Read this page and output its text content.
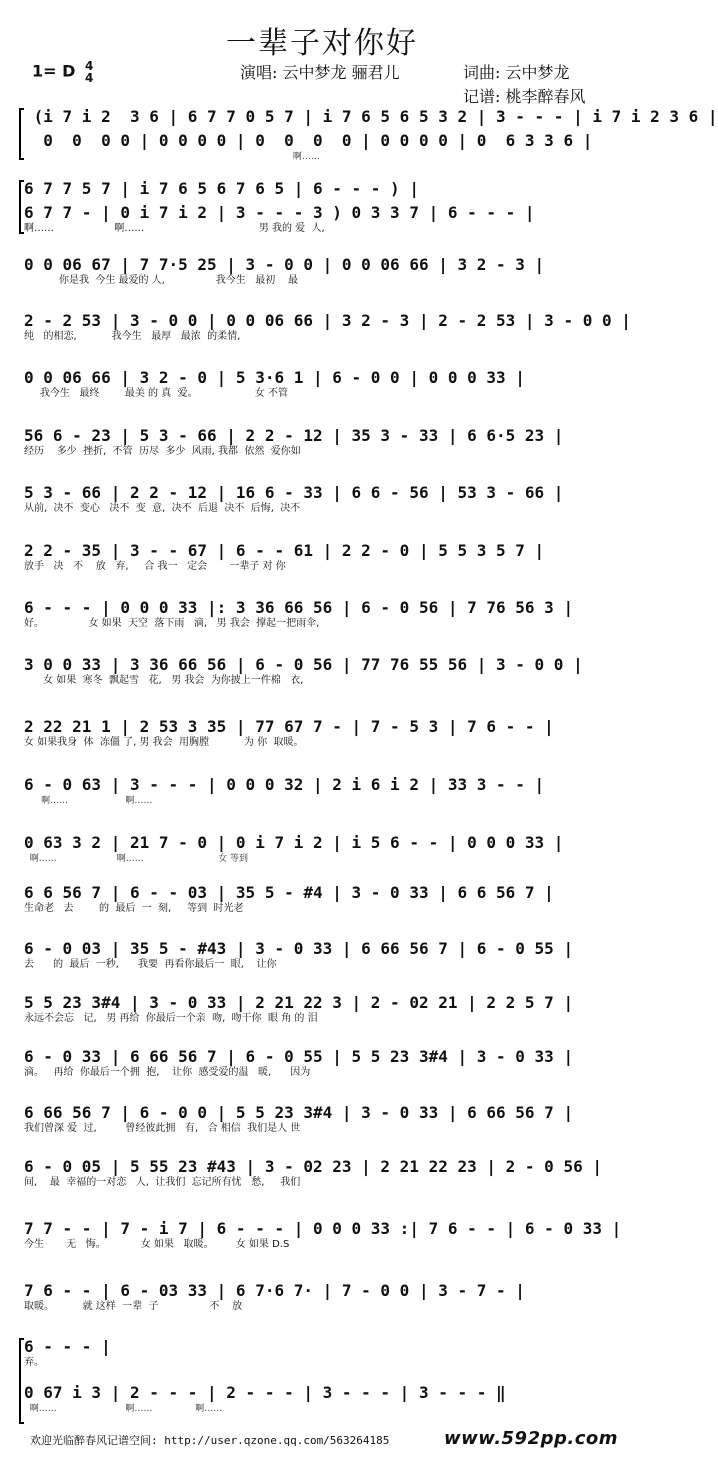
一辈子对你好
1= D 4
4	演唱: 云中梦龙 骊君儿	词曲: 云中梦龙
记谱: 桃李醉春风
(i 7 i 2  3 6 | 6 7 7 0 5 7 | i 7 6 5 6 5 3 2 | 3 - - - | i 7 i 2 3 6 |
0  0  0 0 | 0 0 0 0 | 0  0  0  0 | 0 0 0 0 | 0  6 3 3 6 |
啊……
6 7 7 5 7 | i 7 6 5 6 7 6 5 | 6 - - - ) |
6 7 7 - | 0 i 7 i 2 | 3 - - - 3 ) 0 3 3 7 | 6 - - - |
啊……                   啊……                                    男 我的 爱  人,
0 0 06 67 | 7 7·5 25 | 3 - 0 0 | 0 0 06 66 | 3 2 - 3 |
你是我  今生 最爱的 人,                我今生   最初    最
2 - 2 53 | 3 - 0 0 | 0 0 06 66 | 3 2 - 3 | 2 - 2 53 | 3 - 0 0 |
纯   的相恋,           我今生   最厚   最浓  的柔情,
0 0 06 66 | 3 2 - 0 | 5 3·6 1 | 6 - 0 0 | 0 0 0 33 |
我今生   最终        最美 的 真  爱。                  女 不管
56 6 - 23 | 5 3 - 66 | 2 2 - 12 | 35 3 - 33 | 6 6·5 23 |
经历    多少  挫折,  不管  历尽  多少  风雨, 我都  依然  爱你如
5 3 - 66 | 2 2 - 12 | 16 6 - 33 | 6 6 - 56 | 53 3 - 66 |
从前,  决不  变心   决不  变  意,  决不  后退  决不  后悔,  决不
2 2 - 35 | 3 - - 67 | 6 - - 61 | 2 2 - 0 | 5 5 3 5 7 |
放手   决   不    放   弃,     合 我一   定会       一辈子 对 你
6 - - - | 0 0 0 33 |: 3 36 66 56 | 6 - 0 56 | 7 76 56 3 |
好。              女 如果  天空  落下雨   滴,   男 我会  撑起一把雨伞,
3 0 0 33 | 3 36 66 56 | 6 - 0 56 | 77 76 55 56 | 3 - 0 0 |
女 如果  寒冬  飘起雪   花,   男 我会  为你披上一件棉   衣,
2 22 21 1 | 2 53 3 35 | 77 67 7 - | 7 - 5 3 | 7 6 - - |
女 如果我身  体  冻僵 了, 男 我会  用胸膛           为 你  取暖。
6 - 0 63 | 3 - - - | 0 0 0 32 | 2 i 6 i 2 | 33 3 - - |
啊……                    啊……
0 63 3 2 | 21 7 - 0 | 0 i 7 i 2 | i 5 6 - - | 0 0 0 33 |
啊……                     啊……                          女 等到
6 6 56 7 | 6 - - 03 | 35 5 - #4 | 3 - 0 33 | 6 6 56 7 |
生命老   去        的  最后  一  刻,     等到  时光老
6 - 0 03 | 35 5 - #43 | 3 - 0 33 | 6 66 56 7 | 6 - 0 55 |
去      的  最后  一秒,      我要  再看你最后一  眼,    让你
5 5 23 3#4 | 3 - 0 33 | 2 21 22 3 | 2 - 02 21 | 2 2 5 7 |
永远不会忘   记,   男 再给  你最后一个亲  吻,  吻干你  眼 角 的 泪
6 - 0 33 | 6 66 56 7 | 6 - 0 55 | 5 5 23 3#4 | 3 - 0 33 |
滴。   再给  你最后一个拥  抱,    让你  感受爱的温   暖,      因为
6 66 56 7 | 6 - 0 0 | 5 5 23 3#4 | 3 - 0 33 | 6 66 56 7 |
我们曾深 爱  过,         曾经彼此拥   有,   合 相信  我们是人 世
6 - 0 05 | 5 55 23 #43 | 3 - 02 23 | 2 21 22 23 | 2 - 0 56 |
间,    最  幸福的一对恋   人,  让我们  忘记所有忧   愁,     我们
7 7 - - | 7 - i 7 | 6 - - - | 0 0 0 33 :| 7 6 - - | 6 - 0 33 |
今生       无   悔。           女 如果   取暖。       女 如果 D.S
7 6 - - | 6 - 03 33 | 6 7·6 7· | 7 - 0 0 | 3 - 7 - |
取暖。         就 这样  一辈  子                不    放
6 - - - |
弃。
0 67 i 3 | 2 - - - | 2 - - - | 3 - - - | 3 - - - ‖
啊……                        啊……               啊……
欢迎光临醉春风记谱空间: http://user.qzone.qq.com/563264185	www.592pp.com
